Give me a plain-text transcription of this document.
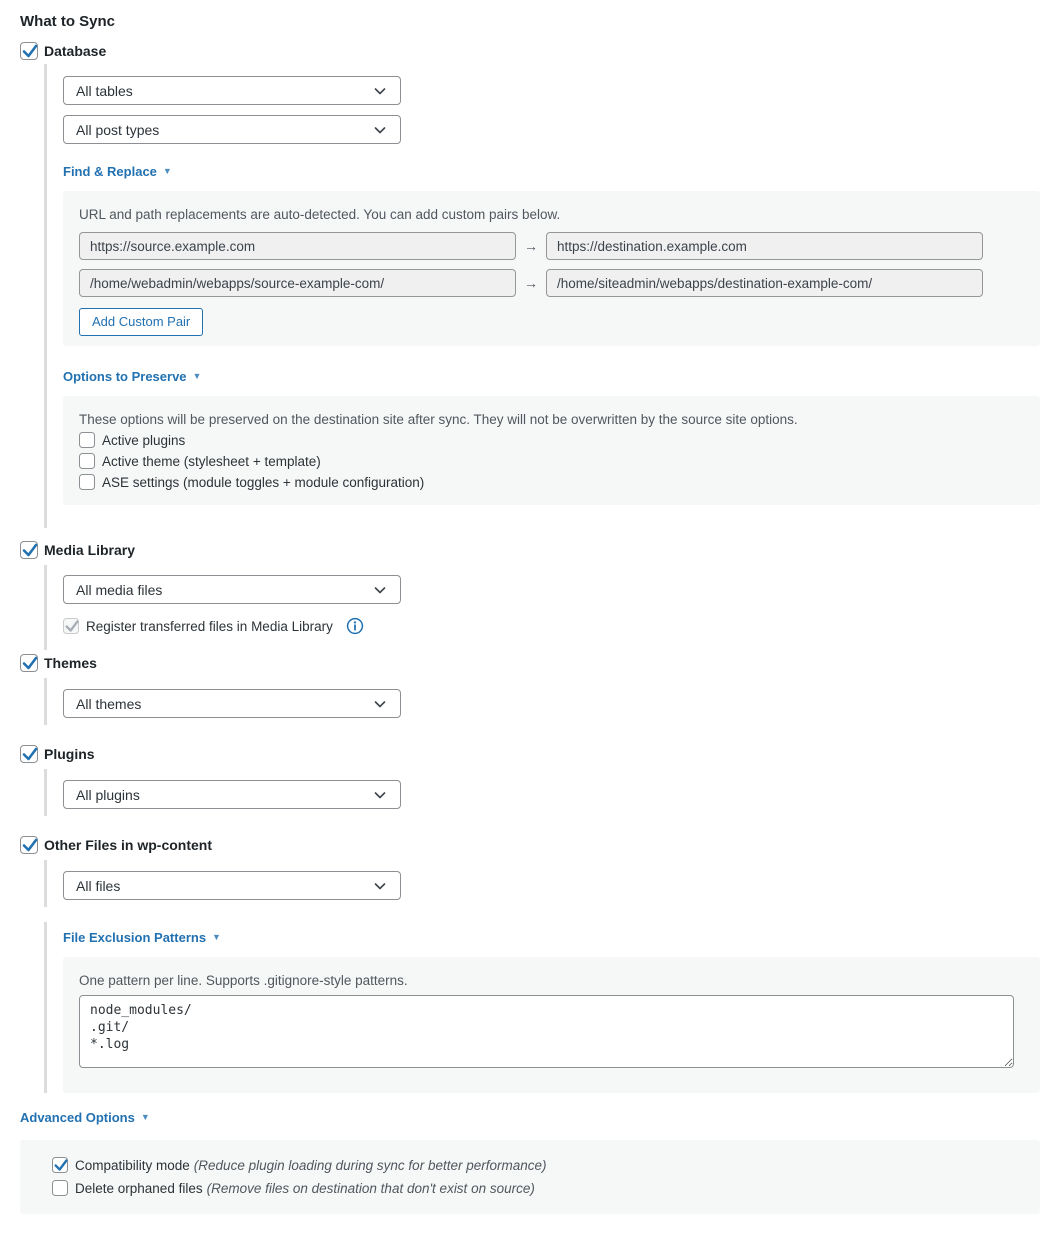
What to Sync
Database
All tables
All post types
Find & Replace ▼

URL and path replacements are auto-detected. You can add custom pairs below.

https://source.example.com
→
https://destination.example.com
/home/webadmin/webapps/source-example-com/
→
/home/siteadmin/webapps/destination-example-com/
Add Custom Pair
Options to Preserve ▼

These options will be preserved on the destination site after sync. They will not be overwritten by the source site options.

Active plugins
Active theme (stylesheet + template)
ASE settings (module toggles + module configuration)
Media Library
All media files
Register transferred files in Media Library
Themes
All themes
Plugins
All plugins
Other Files in wp-content
All files
File Exclusion Patterns ▼

One pattern per line. Supports .gitignore-style patterns.

node_modules/ .git/ *.log
Advanced Options ▼
Compatibility mode (Reduce plugin loading during sync for better performance)
Delete orphaned files (Remove files on destination that don't exist on source)
